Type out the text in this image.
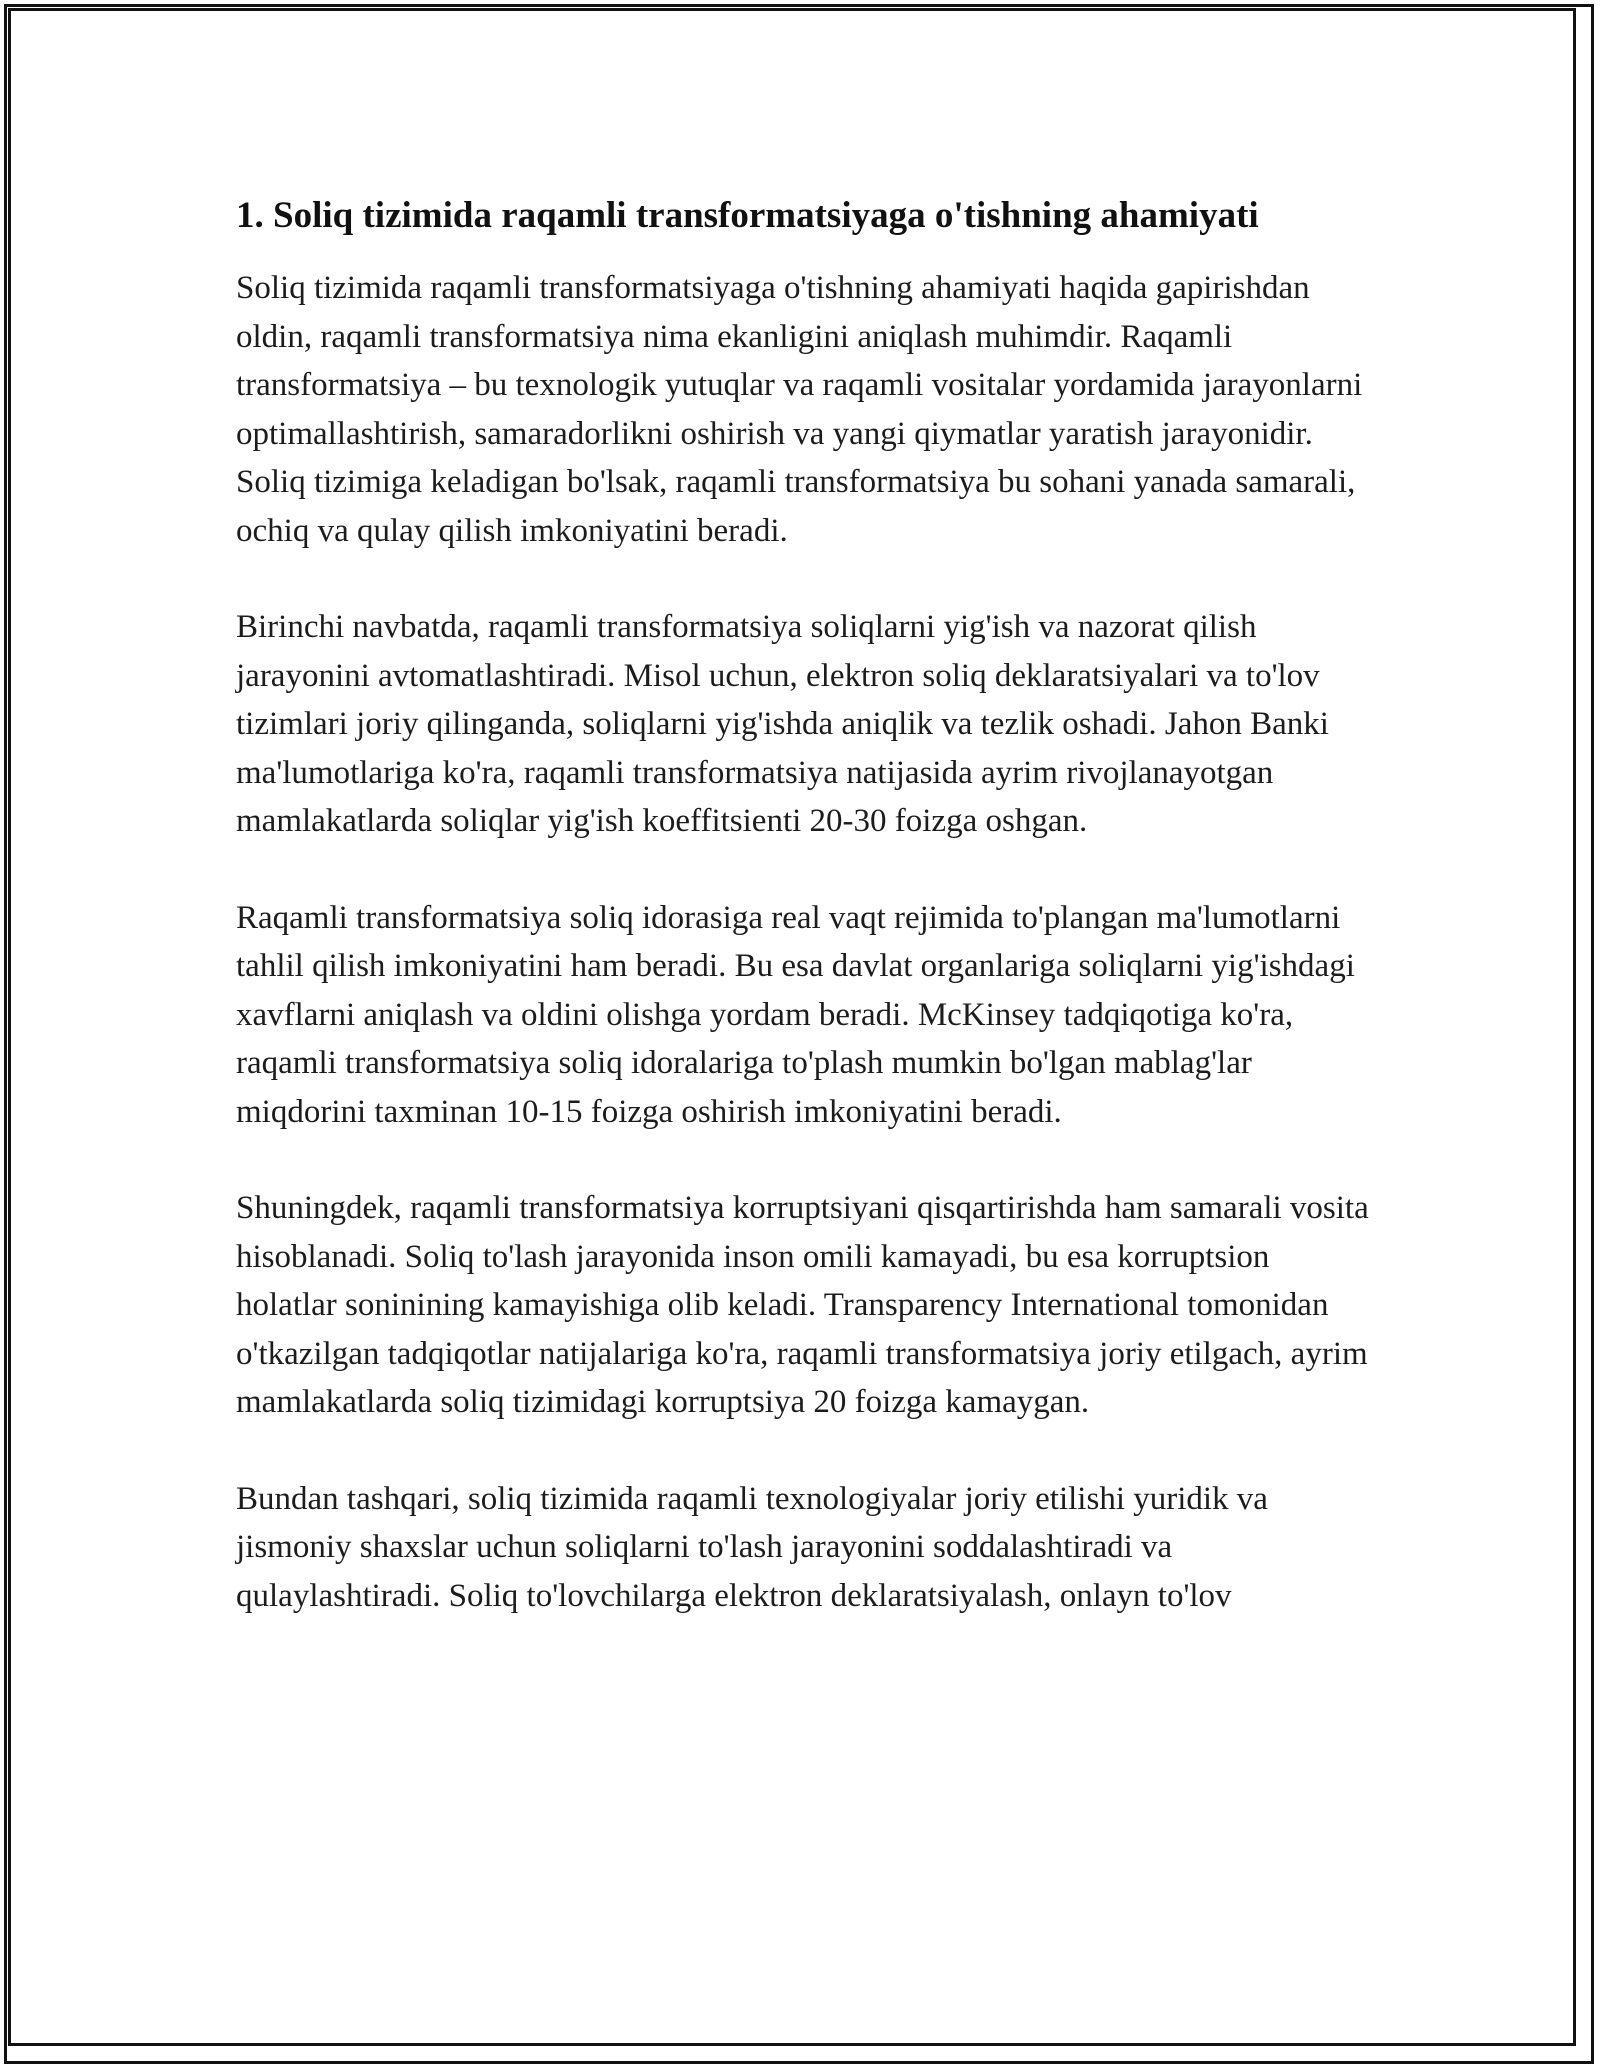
1. Soliq tizimida raqamli transformatsiyaga o'tishning ahamiyati

Soliq tizimida raqamli transformatsiyaga o'tishning ahamiyati haqida gapirishdan oldin, raqamli transformatsiya nima ekanligini aniqlash muhimdir. Raqamli transformatsiya – bu texnologik yutuqlar va raqamli vositalar yordamida jarayonlarni optimallashtirish, samaradorlikni oshirish va yangi qiymatlar yaratish jarayonidir. Soliq tizimiga keladigan bo'lsak, raqamli transformatsiya bu sohani yanada samarali, ochiq va qulay qilish imkoniyatini beradi.

Birinchi navbatda, raqamli transformatsiya soliqlarni yig'ish va nazorat qilish jarayonini avtomatlashtiradi. Misol uchun, elektron soliq deklaratsiyalari va to'lov tizimlari joriy qilinganda, soliqlarni yig'ishda aniqlik va tezlik oshadi. Jahon Banki ma'lumotlariga ko'ra, raqamli transformatsiya natijasida ayrim rivojlanayotgan mamlakatlarda soliqlar yig'ish koeffitsienti 20-30 foizga oshgan.

Raqamli transformatsiya soliq idorasiga real vaqt rejimida to'plangan ma'lumotlarni tahlil qilish imkoniyatini ham beradi. Bu esa davlat organlariga soliqlarni yig'ishdagi xavflarni aniqlash va oldini olishga yordam beradi. McKinsey tadqiqotiga ko'ra, raqamli transformatsiya soliq idoralariga to'plash mumkin bo'lgan mablag'lar miqdorini taxminan 10-15 foizga oshirish imkoniyatini beradi.

Shuningdek, raqamli transformatsiya korruptsiyani qisqartirishda ham samarali vosita hisoblanadi. Soliq to'lash jarayonida inson omili kamayadi, bu esa korruptsion holatlar soninining kamayishiga olib keladi. Transparency International tomonidan o'tkazilgan tadqiqotlar natijalariga ko'ra, raqamli transformatsiya joriy etilgach, ayrim mamlakatlarda soliq tizimidagi korruptsiya 20 foizga kamaygan.

Bundan tashqari, soliq tizimida raqamli texnologiyalar joriy etilishi yuridik va jismoniy shaxslar uchun soliqlarni to'lash jarayonini soddalashtiradi va qulaylashtiradi. Soliq to'lovchilarga elektron deklaratsiyalash, onlayn to'lov
